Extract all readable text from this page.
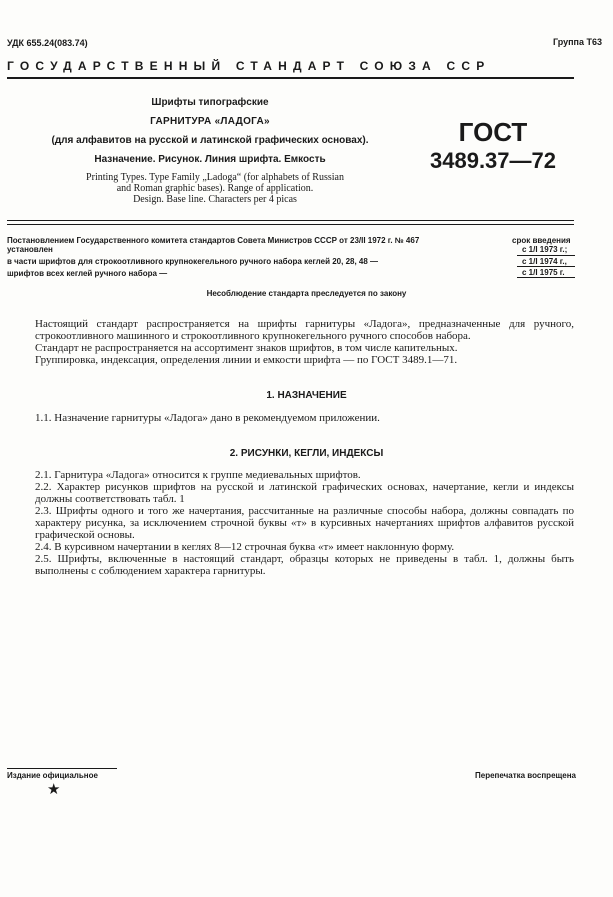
УДК 655.24(083.74)	Группа Т63
ГОСУДАРСТВЕННЫЙ СТАНДАРТ СОЮЗА ССР
Шрифты типографские
ГАРНИТУРА «ЛАДОГА»
(для алфавитов на русской и латинской графических основах).
Назначение. Рисунок. Линия шрифта. Емкость
Printing Types. Type Family „Ladoga“ (for alphabets of Russian
and Roman graphic bases). Range of application.
Design. Base line. Characters per 4 picas
ГОСТ
3489.37—72
Постановлением Государственного комитета стандартов Совета Министров СССР от 23/II 1972 г. № 467	срок введения
установлен	с 1/I 1973 г.;
в части шрифтов для строкоотливного крупнокегельного ручного набора кеглей 20, 28, 48 —	с 1/I 1974 г.,
шрифтов всех кеглей ручного набора —	с 1/I 1975 г.
Несоблюдение стандарта преследуется по закону
Настоящий стандарт распространяется на шрифты гарнитуры «Ладога», предназначенные для ручного, строкоотливного машинного и строкоотливного крупнокегельного ручного способов набора.
Стандарт не распространяется на ассортимент знаков шрифтов, в том числе капительных.
Группировка, индексация, определения линии и емкости шрифта — по ГОСТ 3489.1—71.
1. НАЗНАЧЕНИЕ
1.1. Назначение гарнитуры «Ладога» дано в рекомендуемом приложении.
2. РИСУНКИ, КЕГЛИ, ИНДЕКСЫ
2.1. Гарнитура «Ладога» относится к группе медиевальных шрифтов.
2.2. Характер рисунков шрифтов на русской и латинской графических основах, начертание, кегли и индексы должны соответствовать табл. 1
2.3. Шрифты одного и того же начертания, рассчитанные на различные способы набора, должны совпадать по характеру рисунка, за исключением строчной буквы «т» в курсивных начертаниях шрифтов алфавитов русской графической основы.
2.4. В курсивном начертании в кеглях 8—12 строчная буква «т» имеет наклонную форму.
2.5. Шрифты, включенные в настоящий стандарт, образцы которых не приведены в табл. 1, должны быть выполнены с соблюдением характера гарнитуры.
Издание официальное	Перепечатка воспрещена
★
